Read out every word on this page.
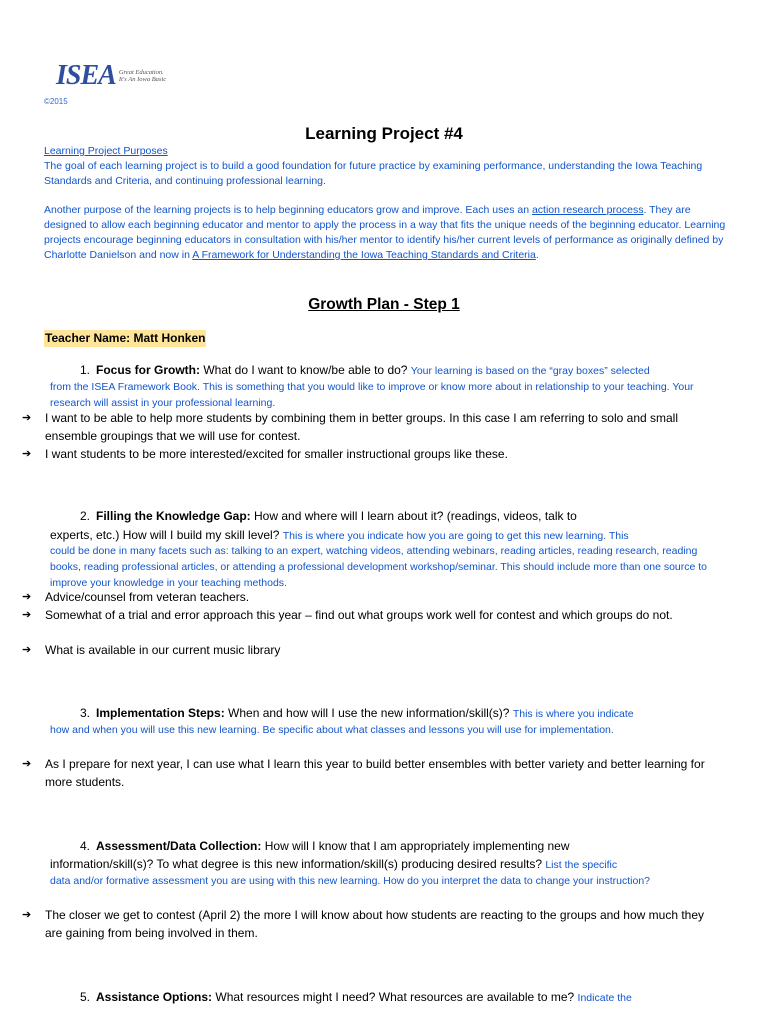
ISEA Great Education. It's An Iowa Basic
©2015
Learning Project #4
Learning Project Purposes
The goal of each learning project is to build a good foundation for future practice by examining performance, understanding the Iowa Teaching Standards and Criteria, and continuing professional learning.
Another purpose of the learning projects is to help beginning educators grow and improve. Each uses an action research process. They are designed to allow each beginning educator and mentor to apply the process in a way that fits the unique needs of the beginning educator. Learning projects encourage beginning educators in consultation with his/her mentor to identify his/her current levels of performance as originally defined by Charlotte Danielson and now in A Framework for Understanding the Iowa Teaching Standards and Criteria.
Growth Plan - Step 1
Teacher Name: Matt Honken
1. Focus for Growth: What do I want to know/be able to do? Your learning is based on the “gray boxes” selected
from the ISEA Framework Book. This is something that you would like to improve or know more about in relationship to your teaching. Your research will assist in your professional learning.
➔	I want to be able to help more students by combining them in better groups. In this case I am referring to solo and small ensemble groupings that we will use for contest.
➔	I want students to be more interested/excited for smaller instructional groups like these.
2. Filling the Knowledge Gap: How and where will I learn about it? (readings, videos, talk to
experts, etc.) How will I build my skill level? This is where you indicate how you are going to get this new learning. This
could be done in many facets such as: talking to an expert, watching videos, attending webinars, reading articles, reading research, reading books, reading professional articles, or attending a professional development workshop/seminar. This should include more than one source to improve your knowledge in your teaching methods.
➔	Advice/counsel from veteran teachers.
➔	Somewhat of a trial and error approach this year – find out what groups work well for contest and which groups do not.
➔	What is available in our current music library
3. Implementation Steps: When and how will I use the new information/skill(s)? This is where you indicate
how and when you will use this new learning. Be specific about what classes and lessons you will use for implementation.
➔	As I prepare for next year, I can use what I learn this year to build better ensembles with better variety and better learning for more students.
4. Assessment/Data Collection: How will I know that I am appropriately implementing new
information/skill(s)? To what degree is this new information/skill(s) producing desired results? List the specific
data and/or formative assessment you are using with this new learning. How do you interpret the data to change your instruction?
➔	The closer we get to contest (April 2) the more I will know about how students are reacting to the groups and how much they are gaining from being involved in them.
5. Assistance Options: What resources might I need? What resources are available to me? Indicate the
